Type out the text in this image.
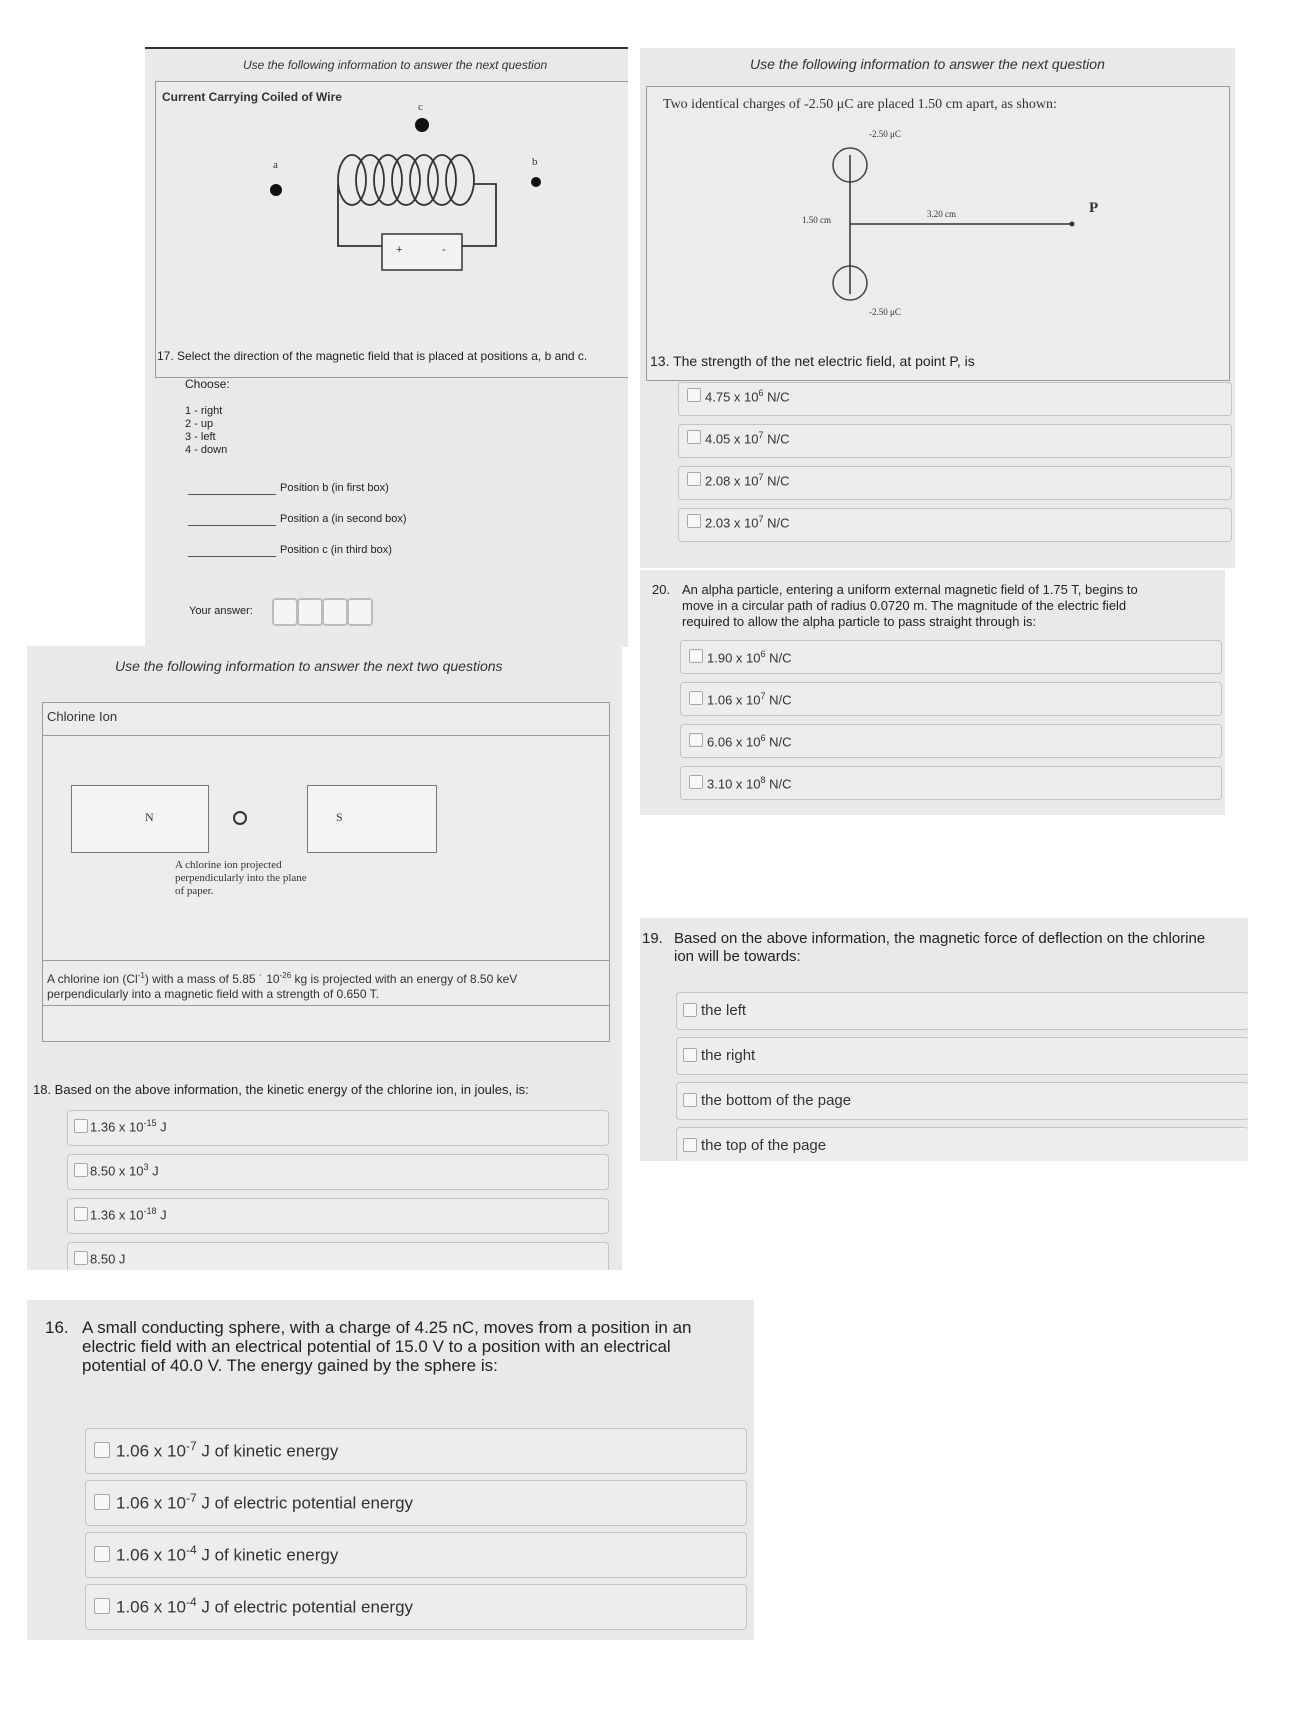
Use the following information to answer the next question
Current Carrying Coiled of Wire
a
c
b
+	-
17. Select the direction of the magnetic field that is placed at positions a, b and c.
Choose:
1 - right
2 - up
3 - left
4 - down
Position b (in first box)
Position a (in second box)
Position c (in third box)
Your answer:
Use the following information to answer the next question
Two identical charges of -2.50 μC are placed 1.50 cm apart, as shown:
-2.50 μC
-2.50 μC
1.50 cm
3.20 cm	P
13. The strength of the net electric field, at point P, is
4.75 x $10^6$ N/C
4.05 x $10^7$ N/C
2.08 x $10^7$ N/C
2.03 x $10^7$ N/C
20. An alpha particle, entering a uniform external magnetic field of 1.75 T, begins to
move in a circular path of radius 0.0720 m. The magnitude of the electric field
required to allow the alpha particle to pass straight through is:
1.90 x $10^6$ N/C
1.06 x $10^7$ N/C
6.06 x $10^6$ N/C
3.10 x $10^8$ N/C
Use the following information to answer the next two questions
Chlorine Ion
N	S
A chlorine ion projected
perpendicularly into the plane
of paper.
A chlorine ion $(Cl^{-1})$ with a mass of 5.85 ˙ $10^{-26}$ kg is projected with an energy of 8.50 keV
perpendicularly into a magnetic field with a strength of 0.650 T.
18. Based on the above information, the kinetic energy of the chlorine ion, in joules, is:
1.36 x $10^{-15}$ J
8.50 x $10^3$ J
1.36 x $10^{-18}$ J
8.50 J
19. Based on the above information, the magnetic force of deflection on the chlorine
ion will be towards:
the left
the right
the bottom of the page
the top of the page
16. A small conducting sphere, with a charge of 4.25 nC, moves from a position in an
electric field with an electrical potential of 15.0 V to a position with an electrical
potential of 40.0 V. The energy gained by the sphere is:
1.06 x $10^{-7}$ J of kinetic energy
1.06 x $10^{-7}$ J of electric potential energy
1.06 x $10^{-4}$ J of kinetic energy
1.06 x $10^{-4}$ J of electric potential energy
